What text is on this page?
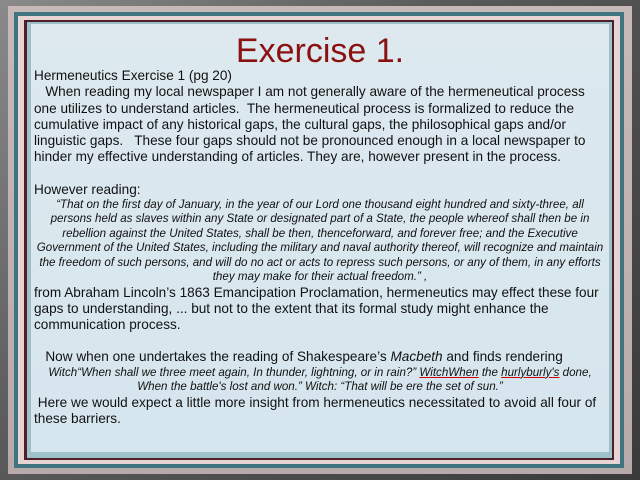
Exercise 1.

Hermeneutics Exercise 1 (pg 20)

When reading my local newspaper I am not generally aware of the hermeneutical process one utilizes to understand articles.  The hermeneutical process is formalized to reduce the cumulative impact of any historical gaps, the cultural gaps, the philosophical gaps and/or linguistic gaps.   These four gaps should not be pronounced enough in a local newspaper to hinder my effective understanding of articles. They are, however present in the process.

However reading:

“That on the first day of January, in the year of our Lord one thousand eight hundred and sixty-three, all persons held as slaves within any State or designated part of a State, the people whereof shall then be in rebellion against the United States, shall be then, thenceforward, and forever free; and the Executive Government of the United States, including the military and naval authority thereof, will recognize and maintain the freedom of such persons, and will do no act or acts to repress such persons, or any of them, in any efforts they may make for their actual freedom.” ,

from Abraham Lincoln’s 1863 Emancipation Proclamation, hermeneutics may effect these four gaps to understanding, ... but not to the extent that its formal study might enhance the communication process.

Now when one undertakes the reading of Shakespeare’s Macbeth and finds rendering

Witch“When shall we three meet again, In thunder, lightning, or in rain?” WitchWhen the hurlyburly's done, When the battle's lost and won.” Witch: “That will be ere the set of sun.”

Here we would expect a little more insight from hermeneutics necessitated to avoid all four of these barriers.
